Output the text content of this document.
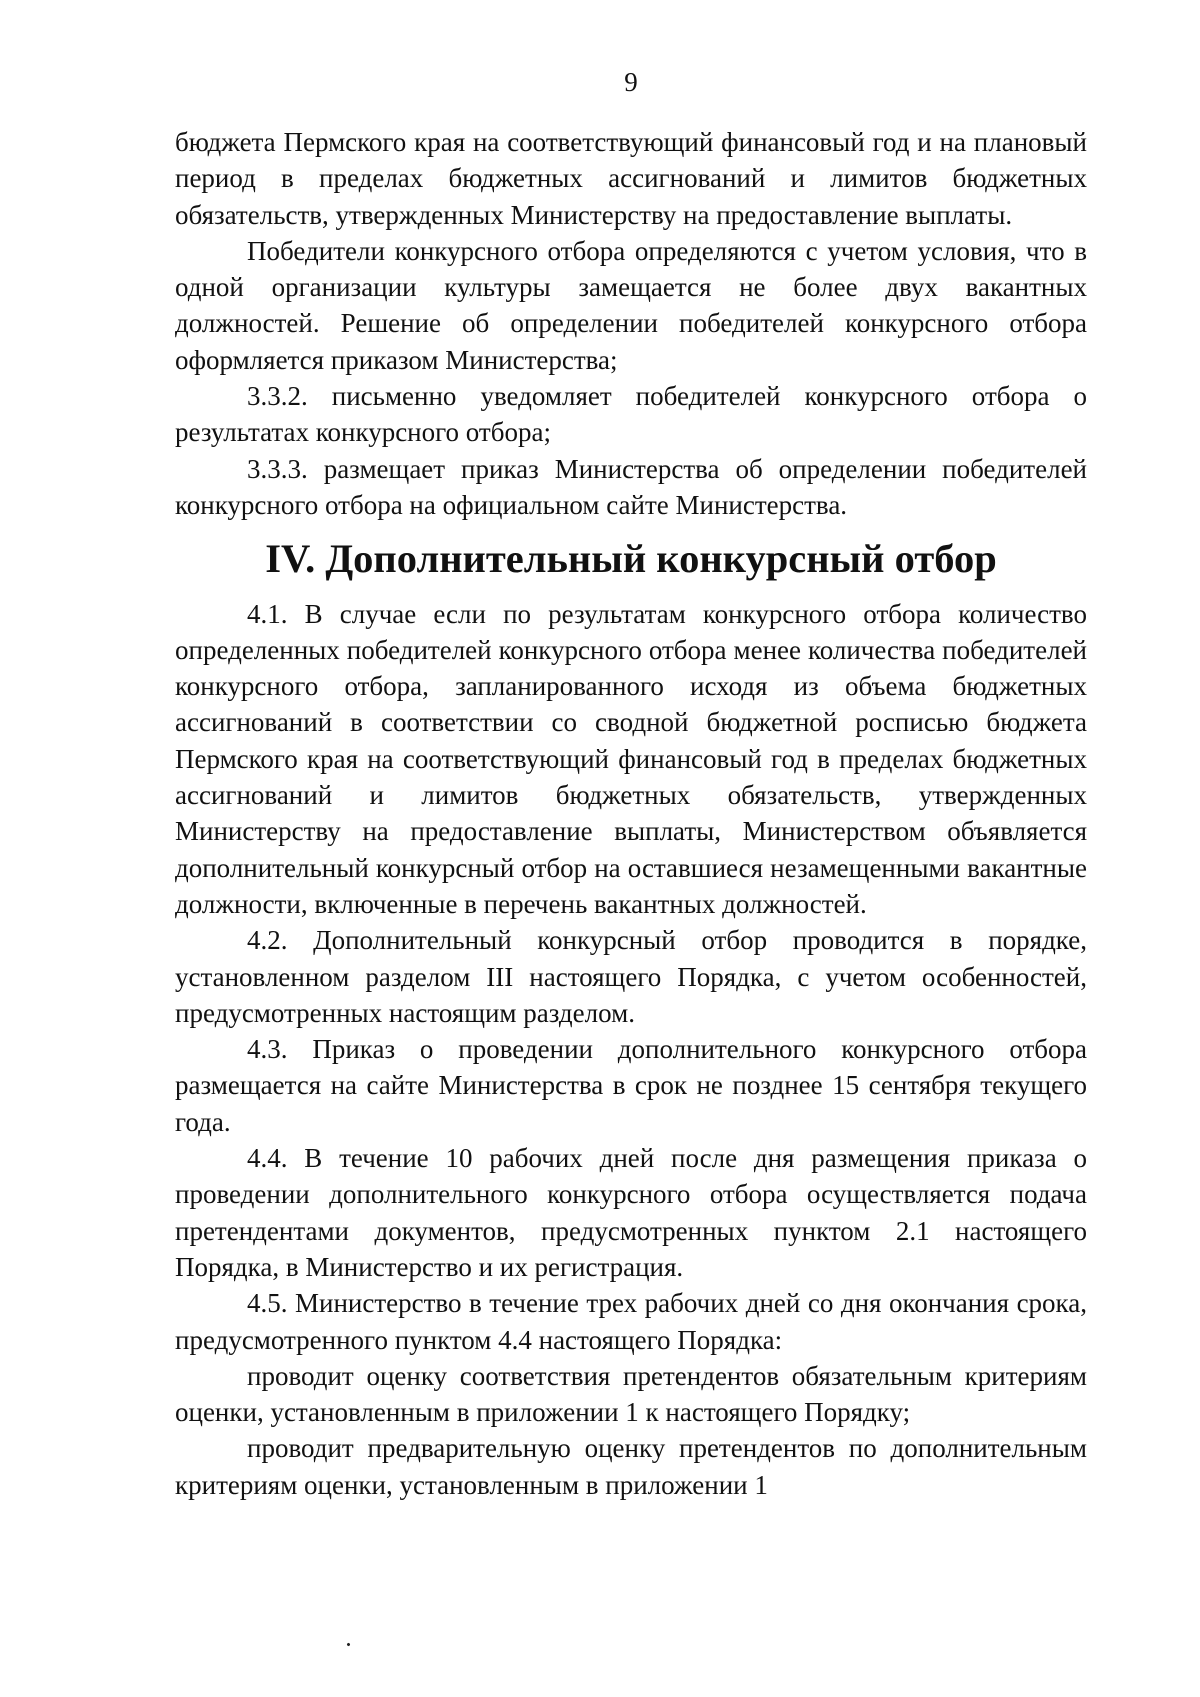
9

бюджета Пермского края на соответствующий финансовый год и на плановый период в пределах бюджетных ассигнований и лимитов бюджетных обязательств, утвержденных Министерству на предоставление выплаты.

Победители конкурсного отбора определяются с учетом условия, что в одной организации культуры замещается не более двух вакантных должностей. Решение об определении победителей конкурсного отбора оформляется приказом Министерства;

3.3.2. письменно уведомляет победителей конкурсного отбора о результатах конкурсного отбора;

3.3.3. размещает приказ Министерства об определении победителей конкурсного отбора на официальном сайте Министерства.

IV. Дополнительный конкурсный отбор

4.1. В случае если по результатам конкурсного отбора количество определенных победителей конкурсного отбора менее количества победителей конкурсного отбора, запланированного исходя из объема бюджетных ассигнований в соответствии со сводной бюджетной росписью бюджета Пермского края на соответствующий финансовый год в пределах бюджетных ассигнований и лимитов бюджетных обязательств, утвержденных Министерству на предоставление выплаты, Министерством объявляется дополнительный конкурсный отбор на оставшиеся незамещенными вакантные должности, включенные в перечень вакантных должностей.

4.2. Дополнительный конкурсный отбор проводится в порядке, установленном разделом III настоящего Порядка, с учетом особенностей, предусмотренных настоящим разделом.

4.3. Приказ о проведении дополнительного конкурсного отбора размещается на сайте Министерства в срок не позднее 15 сентября текущего года.

4.4. В течение 10 рабочих дней после дня размещения приказа о проведении дополнительного конкурсного отбора осуществляется подача претендентами документов, предусмотренных пунктом 2.1 настоящего Порядка, в Министерство и их регистрация.

4.5. Министерство в течение трех рабочих дней со дня окончания срока, предусмотренного пунктом 4.4 настоящего Порядка:

проводит оценку соответствия претендентов обязательным критериям оценки, установленным в приложении 1 к настоящего Порядку;

проводит предварительную оценку претендентов по дополнительным критериям оценки, установленным в приложении 1
